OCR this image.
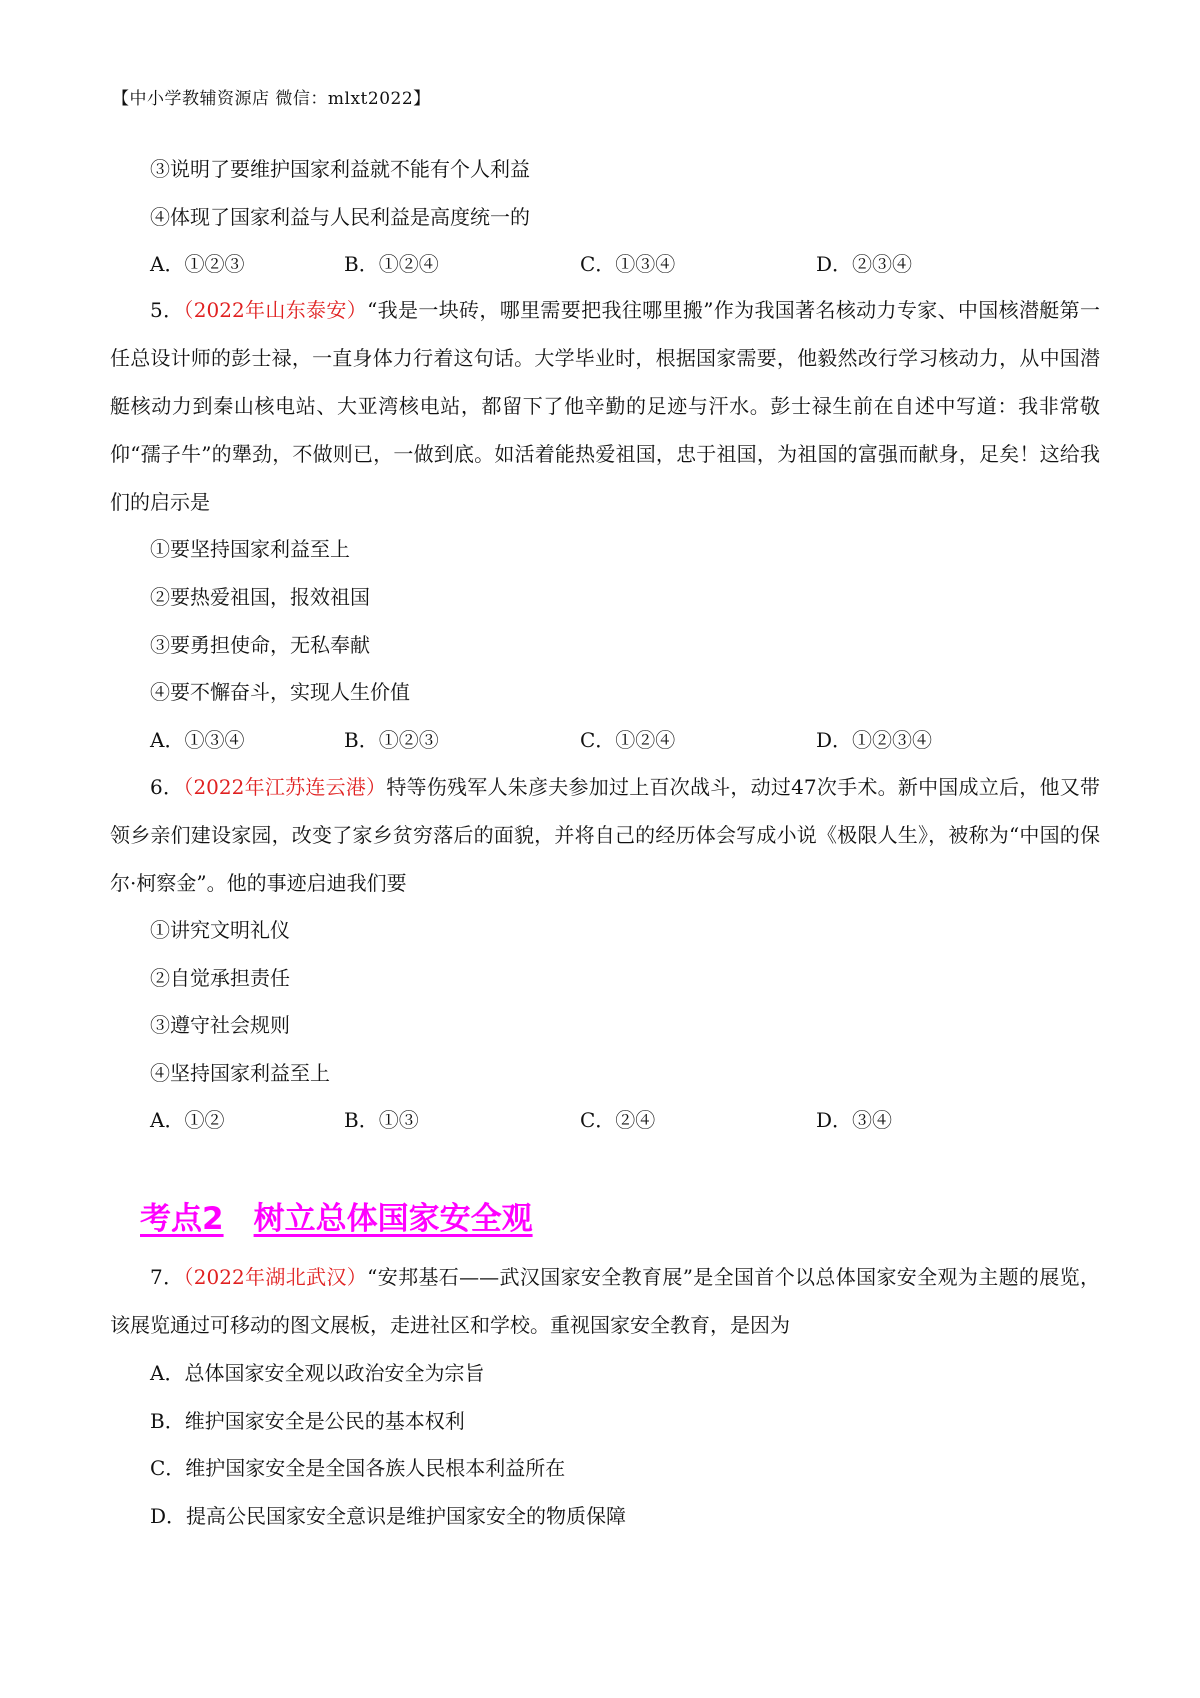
【中小学教辅资源店 微信：mlxt2022】
③说明了要维护国家利益就不能有个人利益
④体现了国家利益与人民利益是高度统一的
A．①②③	B．①②④	C．①③④	D．②③④
5．（2022年山东泰安）“我是一块砖，哪里需要把我往哪里搬”作为我国著名核动力专家、中国核潜艇第一任总设计师的彭士禄，一直身体力行着这句话。大学毕业时，根据国家需要，他毅然改行学习核动力，从中国潜艇核动力到秦山核电站、大亚湾核电站，都留下了他辛勤的足迹与汗水。彭士禄生前在自述中写道：我非常敬仰“孺子牛”的犟劲，不做则已，一做到底。如活着能热爱祖国，忠于祖国，为祖国的富强而献身，足矣！这给我们的启示是
①要坚持国家利益至上
②要热爱祖国，报效祖国
③要勇担使命，无私奉献
④要不懈奋斗，实现人生价值
A．①③④	B．①②③	C．①②④	D．①②③④
6．（2022年江苏连云港）特等伤残军人朱彦夫参加过上百次战斗，动过47次手术。新中国成立后，他又带领乡亲们建设家园，改变了家乡贫穷落后的面貌，并将自己的经历体会写成小说《极限人生》，被称为“中国的保尔·柯察金”。他的事迹启迪我们要
①讲究文明礼仪
②自觉承担责任
③遵守社会规则
④坚持国家利益至上
A．①②	B．①③	C．②④	D．③④
考点2 树立总体国家安全观
7．（2022年湖北武汉）“安邦基石——武汉国家安全教育展”是全国首个以总体国家安全观为主题的展览，该展览通过可移动的图文展板，走进社区和学校。重视国家安全教育，是因为
A．总体国家安全观以政治安全为宗旨
B．维护国家安全是公民的基本权利
C．维护国家安全是全国各族人民根本利益所在
D．提高公民国家安全意识是维护国家安全的物质保障
